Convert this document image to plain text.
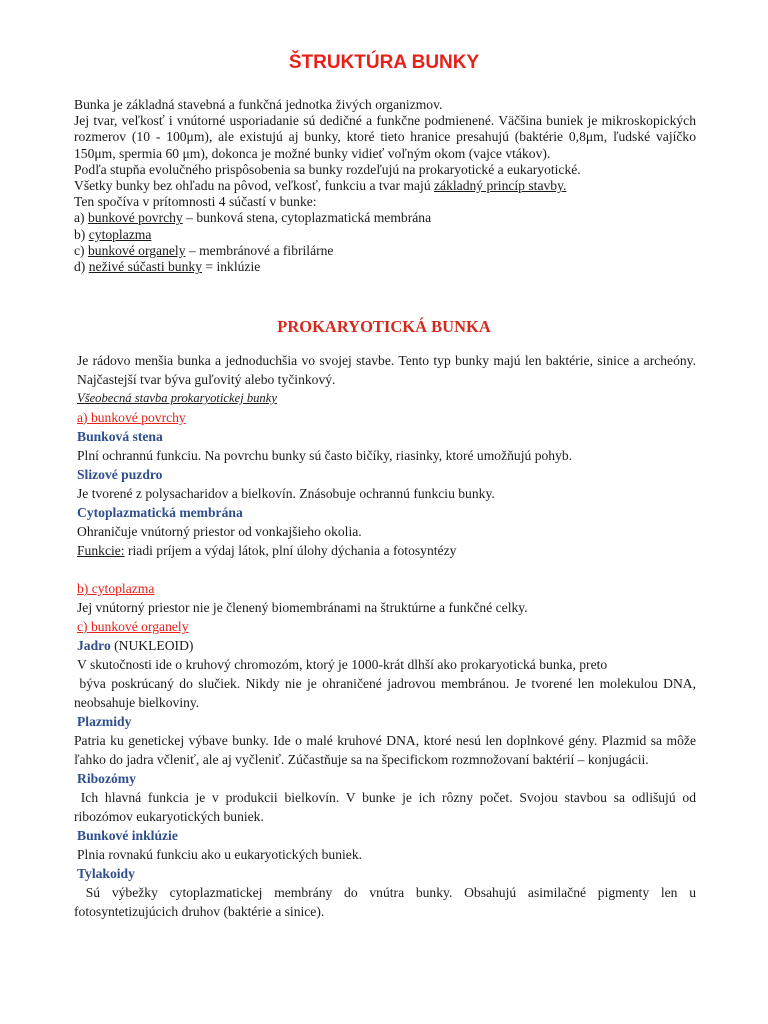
ŠTRUKTÚRA BUNKY

Bunka je základná stavebná a funkčná jednotka živých organizmov.

Jej tvar, veľkosť i vnútorné usporiadanie sú dedičné a funkčne podmienené. Väčšina buniek je mikroskopických rozmerov (10 - 100μm), ale existujú aj bunky, ktoré tieto hranice presahujú (baktérie 0,8μm, ľudské vajíčko 150μm, spermia 60 μm), dokonca je možné bunky vidieť voľným okom (vajce vtákov).

Podľa stupňa evolučného prispôsobenia sa bunky rozdeľujú na prokaryotické a eukaryotické.

Všetky bunky bez ohľadu na pôvod, veľkosť, funkciu a tvar majú základný princíp stavby.

Ten spočíva v prítomnosti 4 súčastí v bunke:

a) bunkové povrchy – bunková stena, cytoplazmatická membrána

b) cytoplazma

c) bunkové organely – membránové a fibrilárne

d) neživé súčasti bunky = inklúzie

PROKARYOTICKÁ BUNKA

Je rádovo menšia bunka a jednoduchšia vo svojej stavbe. Tento typ bunky majú len baktérie, sinice a archeóny. Najčastejší tvar býva guľovitý alebo tyčinkový.

Všeobecná stavba prokaryotickej bunky

a) bunkové povrchy

Bunková stena

Plní ochrannú funkciu. Na povrchu bunky sú často bičíky, riasinky, ktoré umožňujú pohyb.

Slizové puzdro

Je tvorené z polysacharidov a bielkovín. Znásobuje ochrannú funkciu bunky.

Cytoplazmatická membrána

Ohraničuje vnútorný priestor od vonkajšieho okolia.

Funkcie: riadi príjem a výdaj látok, plní úlohy dýchania a fotosyntézy

b) cytoplazma

Jej vnútorný priestor nie je členený biomembránami na štruktúrne a funkčné celky.

c) bunkové organely

Jadro (NUKLEOID)

V skutočnosti ide o kruhový chromozóm, ktorý je 1000-krát dlhší ako prokaryotická bunka, preto

býva poskrúcaný do slučiek. Nikdy nie je ohraničené jadrovou membránou. Je tvorené len molekulou DNA, neobsahuje bielkoviny.

Plazmidy

Patria ku genetickej výbave bunky. Ide o malé kruhové DNA, ktoré nesú len doplnkové gény. Plazmid sa môže ľahko do jadra včleniť, ale aj vyčleniť. Zúčastňuje sa na špecifickom rozmnožovaní baktérií – konjugácii.

Ribozómy

Ich hlavná funkcia je v produkcii bielkovín. V bunke je ich rôzny počet. Svojou stavbou sa odlišujú od ribozómov eukaryotických buniek.

Bunkové inklúzie

Plnia rovnakú funkciu ako u eukaryotických buniek.

Tylakoidy

Sú výbežky cytoplazmatickej membrány do vnútra bunky. Obsahujú asimilačné pigmenty len u fotosyntetizujúcich druhov (baktérie a sinice).
